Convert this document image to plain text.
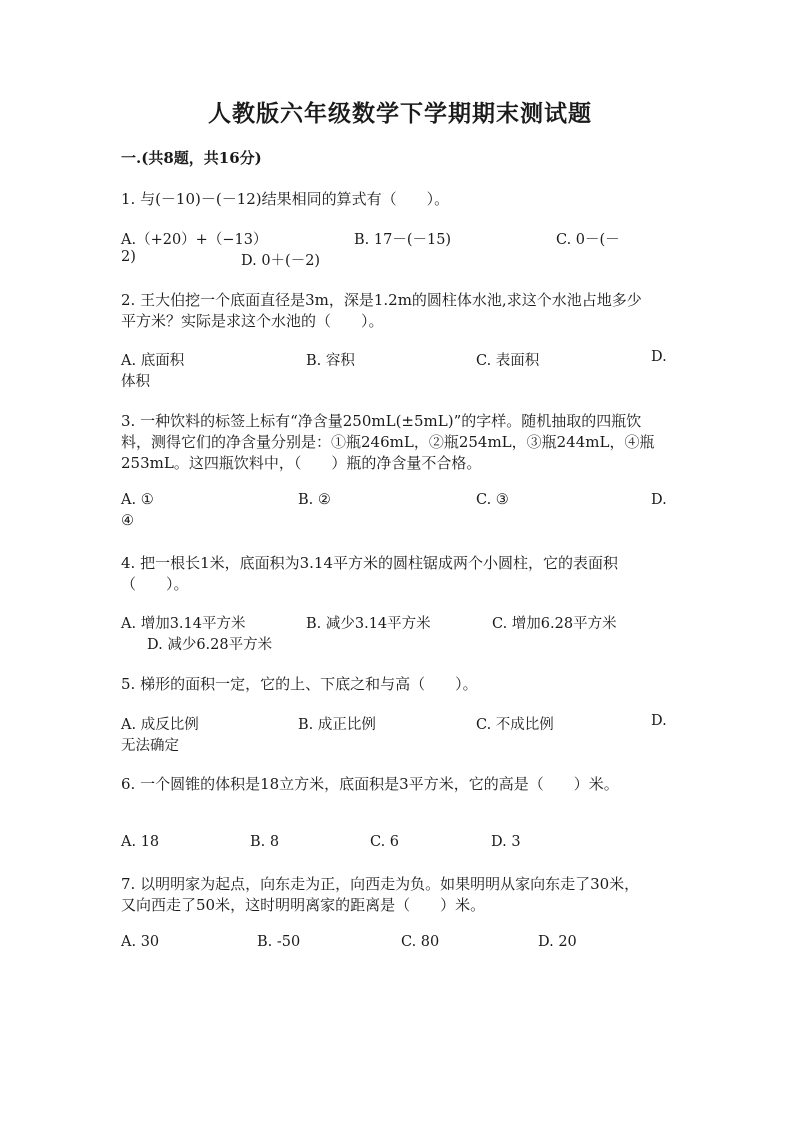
人教版六年级数学下学期期末测试题
一.(共8题，共16分)
1. 与(－10)－(－12)结果相同的算式有（　　）。
A.（+20）+（−13）	B. 17－(－15)	C. 0－(－
2)	D. 0＋(－2)
2. 王大伯挖一个底面直径是3m，深是1.2m的圆柱体水池,求这个水池占地多少
平方米？实际是求这个水池的（　　）。
A. 底面积	B. 容积	C. 表面积	D.
体积
3. 一种饮料的标签上标有“净含量250mL(±5mL)”的字样。随机抽取的四瓶饮
料，测得它们的净含量分别是：①瓶246mL，②瓶254mL，③瓶244mL，④瓶
253mL。这四瓶饮料中，（　　）瓶的净含量不合格。
A. ①	B. ②	C. ③	D.
④
4. 把一根长1米，底面积为3.14平方米的圆柱锯成两个小圆柱，它的表面积
（　　）。
A. 增加3.14平方米	B. 减少3.14平方米	C. 增加6.28平方米
D. 减少6.28平方米
5. 梯形的面积一定，它的上、下底之和与高（　　）。
A. 成反比例	B. 成正比例	C. 不成比例	D.
无法确定
6. 一个圆锥的体积是18立方米，底面积是3平方米，它的高是（　　）米。
A. 18	B. 8	C. 6	D. 3
7. 以明明家为起点，向东走为正，向西走为负。如果明明从家向东走了30米，
又向西走了50米，这时明明离家的距离是（　　）米。
A. 30	B. -50	C. 80	D. 20
